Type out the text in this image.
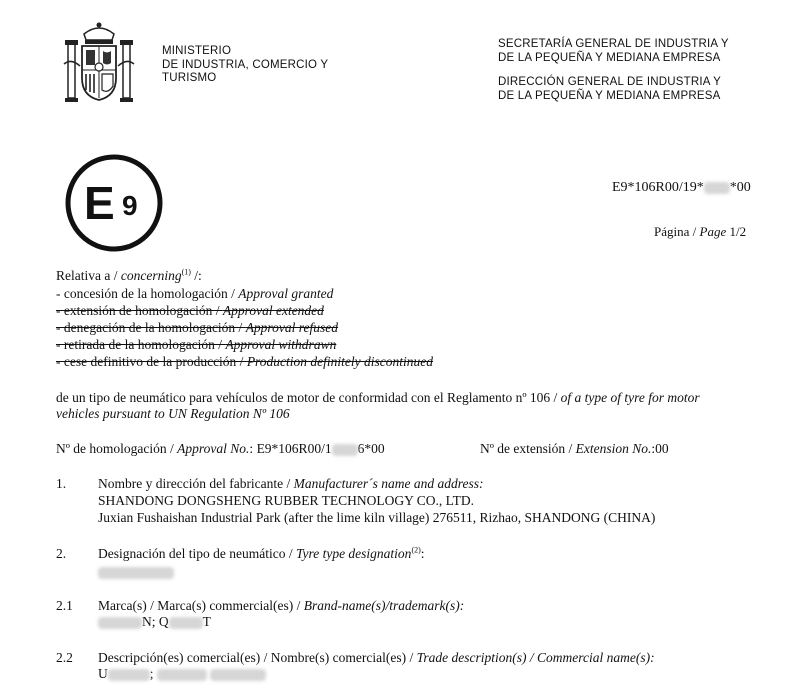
MINISTERIO
DE INDUSTRIA, COMERCIO Y
TURISMO
SECRETARÍA GENERAL DE INDUSTRIA Y
DE LA PEQUEÑA Y MEDIANA EMPRESA
DIRECCIÓN GENERAL DE INDUSTRIA Y
DE LA PEQUEÑA Y MEDIANA EMPRESA
E 9
E9*106R00/19* *00
Página / Page 1/2
Relativa a / concerning$^{(1)}$ /:
- concesión de la homologación / Approval granted
- extensión de homologación / Approval extended
- denegación de la homologación / Approval refused
- retirada de la homologación / Approval withdrawn
- cese definitivo de la producción / Production definitely discontinued
de un tipo de neumático para vehículos de motor de conformidad con el Reglamento nº 106 / of a type of tyre for motor
vehicles pursuant to UN Regulation Nº 106
Nº de homologación / Approval No.: E9*106R00/1 6*00	Nº de extensión / Extension No.:00
1. Nombre y dirección del fabricante / Manufacturer´s name and address:
SHANDONG DONGSHENG RUBBER TECHNOLOGY CO., LTD.
Juxian Fushaishan Industrial Park (after the lime kiln village) 276511, Rizhao, SHANDONG (CHINA)
2. Designación del tipo de neumático / Tyre type designation$^{(2)}$:
2.1 Marca(s) / Marca(s) commercial(es) / Brand-name(s)/trademark(s):
N; Q	T
2.2 Descripción(es) comercial(es) / Nombre(s) comercial(es) / Trade description(s) / Commercial name(s):
U	;
